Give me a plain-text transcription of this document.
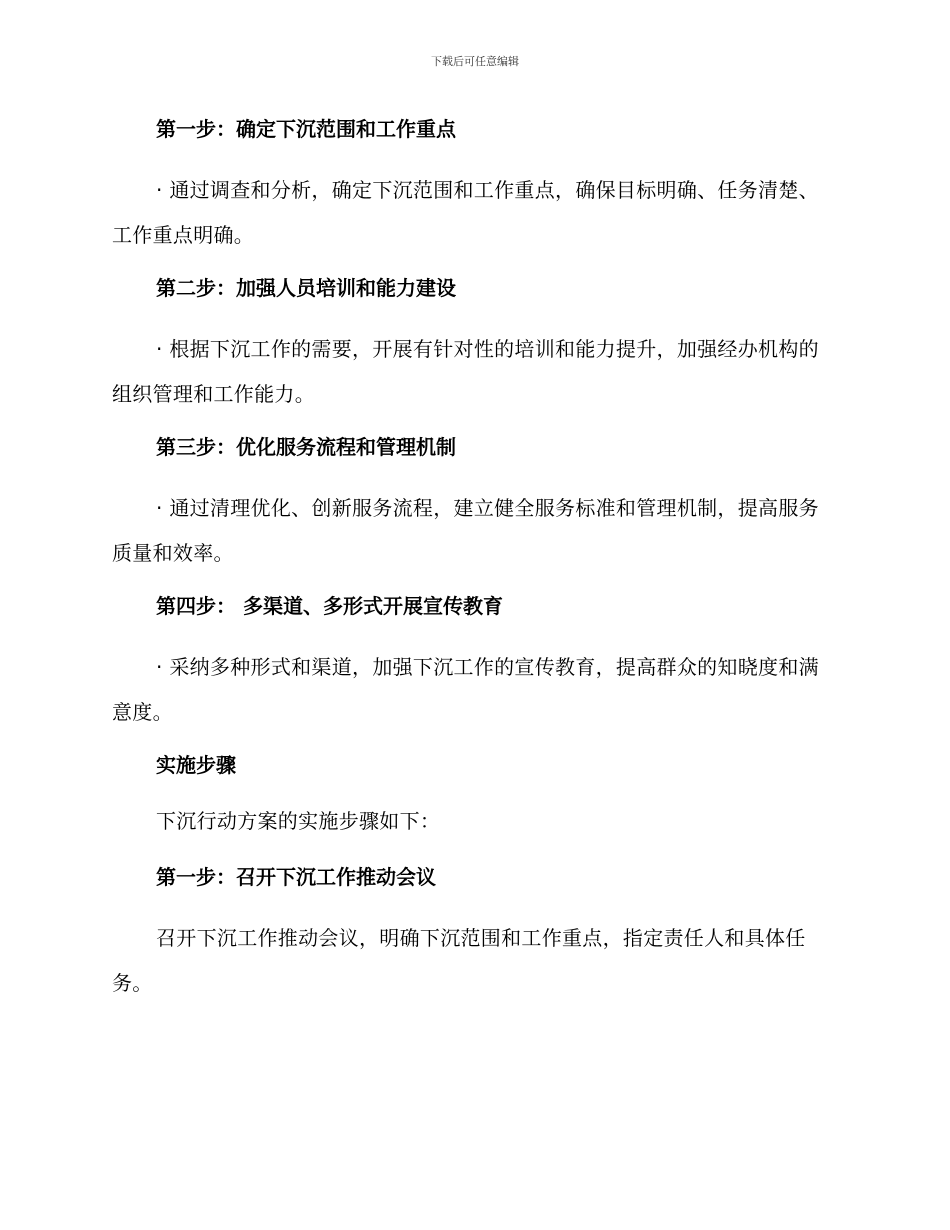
下载后可任意编辑
第一步：确定下沉范围和工作重点
· 通过调查和分析，确定下沉范围和工作重点，确保目标明确、任务清楚、工作重点明确。
第二步：加强人员培训和能力建设
· 根据下沉工作的需要，开展有针对性的培训和能力提升，加强经办机构的组织管理和工作能力。
第三步：优化服务流程和管理机制
· 通过清理优化、创新服务流程，建立健全服务标准和管理机制，提高服务质量和效率。
第四步： 多渠道、多形式开展宣传教育
· 采纳多种形式和渠道，加强下沉工作的宣传教育，提高群众的知晓度和满意度。
实施步骤
下沉行动方案的实施步骤如下：
第一步：召开下沉工作推动会议
召开下沉工作推动会议，明确下沉范围和工作重点，指定责任人和具体任务。
